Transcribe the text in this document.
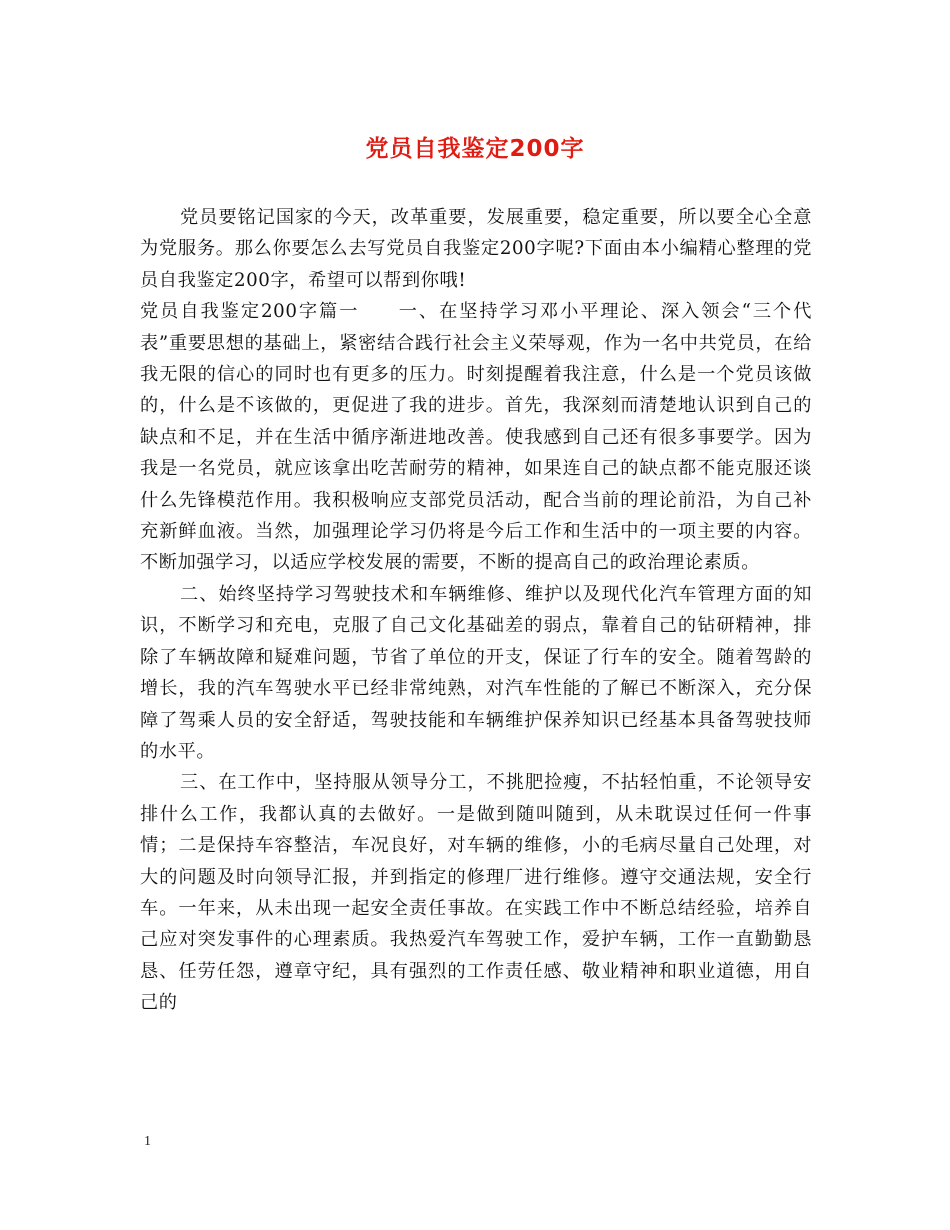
党员自我鉴定200字

党员要铭记国家的今天，改革重要，发展重要，稳定重要，所以要全心全意为党服务。那么你要怎么去写党员自我鉴定200字呢?下面由本小编精心整理的党员自我鉴定200字，希望可以帮到你哦!

党员自我鉴定200字篇一 一、在坚持学习邓小平理论、深入领会“三个代表”重要思想的基础上，紧密结合践行社会主义荣辱观，作为一名中共党员，在给我无限的信心的同时也有更多的压力。时刻提醒着我注意，什么是一个党员该做的，什么是不该做的，更促进了我的进步。首先，我深刻而清楚地认识到自己的缺点和不足，并在生活中循序渐进地改善。使我感到自己还有很多事要学。因为我是一名党员，就应该拿出吃苦耐劳的精神，如果连自己的缺点都不能克服还谈什么先锋模范作用。我积极响应支部党员活动，配合当前的理论前沿，为自己补充新鲜血液。当然，加强理论学习仍将是今后工作和生活中的一项主要的内容。不断加强学习，以适应学校发展的需要，不断的提高自己的政治理论素质。

二、始终坚持学习驾驶技术和车辆维修、维护以及现代化汽车管理方面的知识，不断学习和充电，克服了自己文化基础差的弱点，靠着自己的钻研精神，排除了车辆故障和疑难问题，节省了单位的开支，保证了行车的安全。随着驾龄的增长，我的汽车驾驶水平已经非常纯熟，对汽车性能的了解已不断深入，充分保障了驾乘人员的安全舒适，驾驶技能和车辆维护保养知识已经基本具备驾驶技师的水平。

三、在工作中，坚持服从领导分工，不挑肥捡瘦，不拈轻怕重，不论领导安排什么工作，我都认真的去做好。一是做到随叫随到，从未耽误过任何一件事情；二是保持车容整洁，车况良好，对车辆的维修，小的毛病尽量自己处理，对大的问题及时向领导汇报，并到指定的修理厂进行维修。遵守交通法规，安全行车。一年来，从未出现一起安全责任事故。在实践工作中不断总结经验，培养自己应对突发事件的心理素质。我热爱汽车驾驶工作，爱护车辆，工作一直勤勤恳恳、任劳任怨，遵章守纪，具有强烈的工作责任感、敬业精神和职业道德，用自己的

1
